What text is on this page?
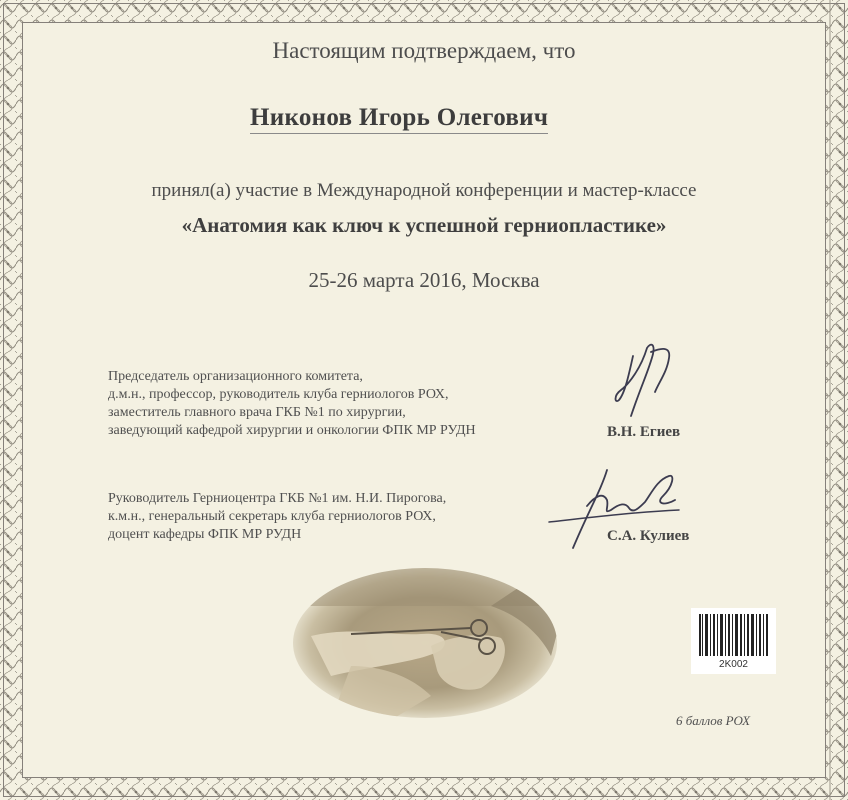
Настоящим подтверждаем, что
Никонов Игорь Олегович
принял(а) участие в Международной конференции и мастер-классе
«Анатомия как ключ к успешной герниопластике»
25-26 марта 2016, Москва
Председатель организационного комитета,
д.м.н., профессор, руководитель клуба герниологов РОХ,
заместитель главного врача ГКБ №1 по хирургии,
заведующий кафедрой хирургии и онкологии ФПК МР РУДН	В.Н. Егиев
Руководитель Герниоцентра ГКБ №1 им. Н.И. Пирогова,
к.м.н., генеральный секретарь клуба герниологов РОХ,
доцент кафедры ФПК МР РУДН	С.А. Кулиев
2K002
6 баллов РОХ
